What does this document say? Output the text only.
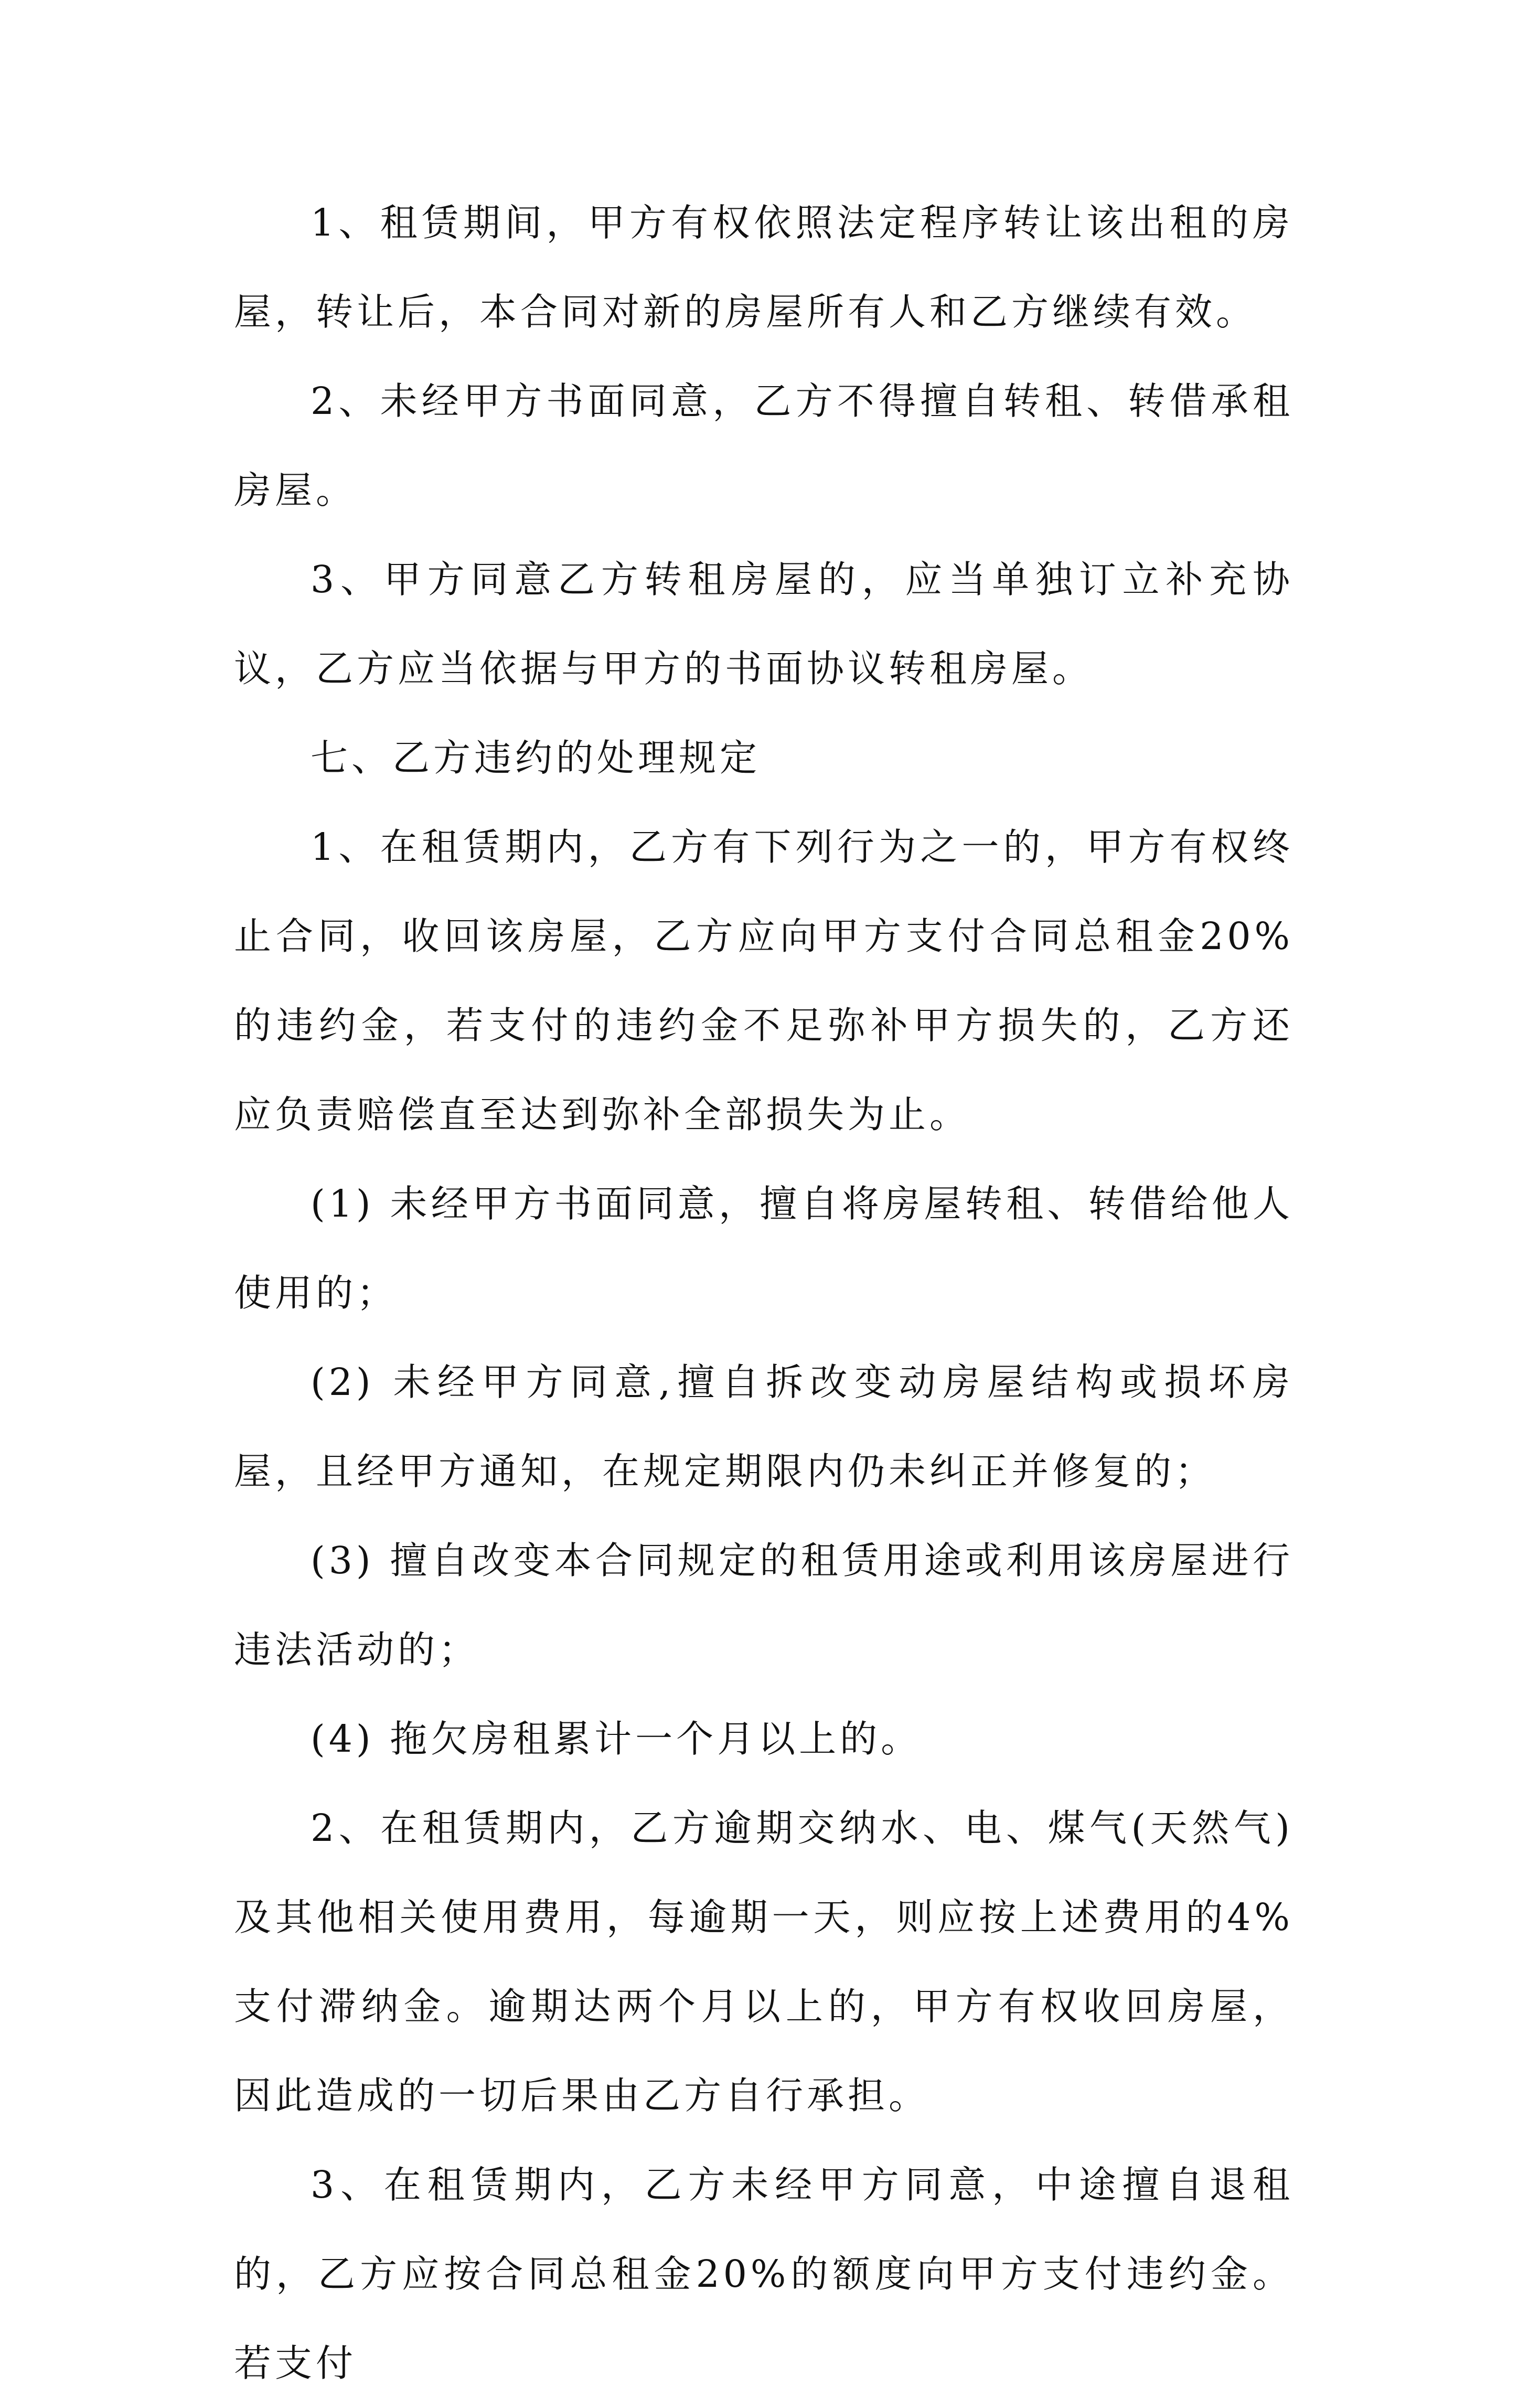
1、租赁期间，甲方有权依照法定程序转让该出租的房屋，转让后，本合同对新的房屋所有人和乙方继续有效。

2、未经甲方书面同意，乙方不得擅自转租、转借承租房屋。

3、甲方同意乙方转租房屋的，应当单独订立补充协议，乙方应当依据与甲方的书面协议转租房屋。

七、乙方违约的处理规定

1、在租赁期内，乙方有下列行为之一的，甲方有权终止合同，收回该房屋，乙方应向甲方支付合同总租金20%的违约金，若支付的违约金不足弥补甲方损失的，乙方还应负责赔偿直至达到弥补全部损失为止。

(1) 未经甲方书面同意，擅自将房屋转租、转借给他人使用的；

(2) 未经甲方同意,擅自拆改变动房屋结构或损坏房屋，且经甲方通知，在规定期限内仍未纠正并修复的；

(3) 擅自改变本合同规定的租赁用途或利用该房屋进行违法活动的；

(4) 拖欠房租累计一个月以上的。

2、在租赁期内，乙方逾期交纳水、电、煤气(天然气)及其他相关使用费用，每逾期一天，则应按上述费用的4%支付滞纳金。逾期达两个月以上的，甲方有权收回房屋，因此造成的一切后果由乙方自行承担。

3、在租赁期内，乙方未经甲方同意，中途擅自退租的，乙方应按合同总租金20%的额度向甲方支付违约金。若支付
